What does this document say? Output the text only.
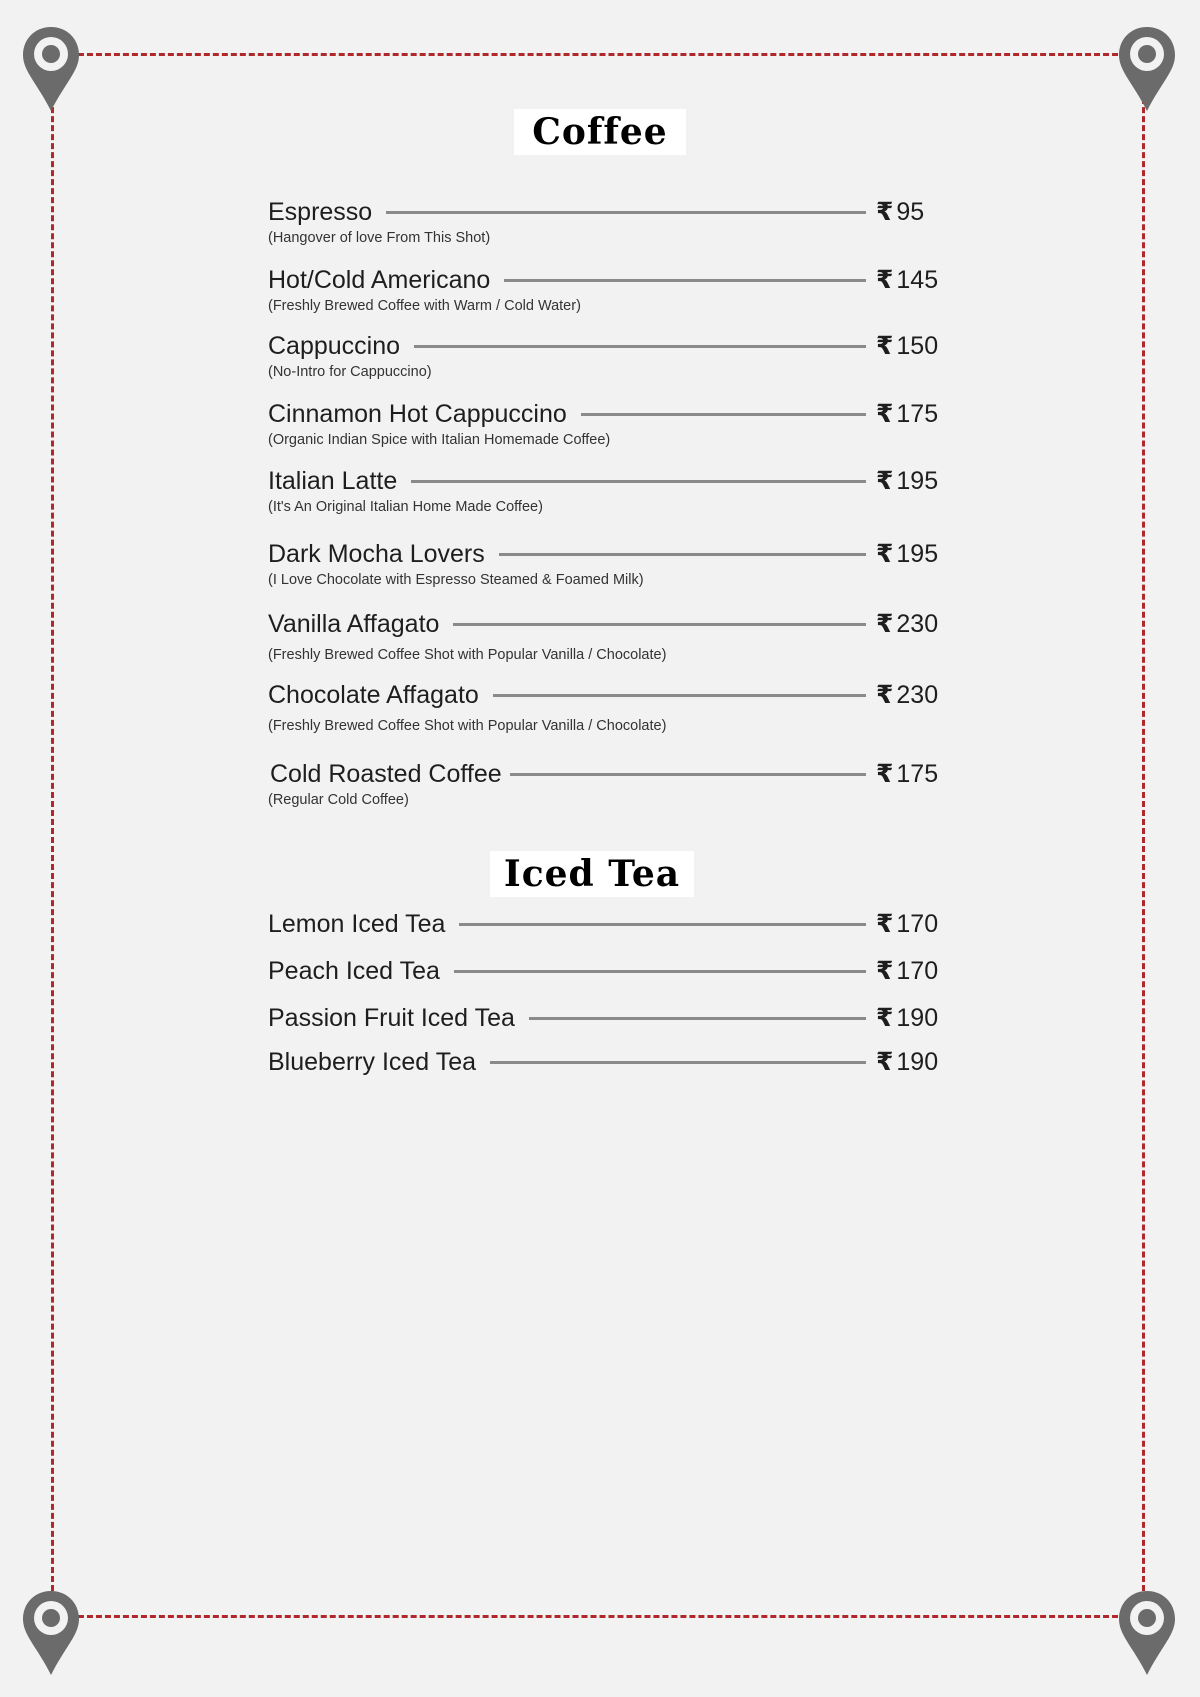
Coffee
Espresso	₹ 95
(Hangover of love From This Shot)
Hot/Cold Americano	₹ 145
(Freshly Brewed Coffee with Warm / Cold Water)
Cappuccino	₹ 150
(No-Intro for Cappuccino)
Cinnamon Hot Cappuccino	₹ 175
(Organic Indian Spice with Italian Homemade Coffee)
Italian Latte	₹ 195
(It's An Original Italian Home Made Coffee)
Dark Mocha Lovers	₹ 195
(I Love Chocolate with Espresso Steamed & Foamed Milk)
Vanilla Affagato	₹ 230
(Freshly Brewed Coffee Shot with Popular Vanilla / Chocolate)
Chocolate Affagato	₹ 230
(Freshly Brewed Coffee Shot with Popular Vanilla / Chocolate)
Cold Roasted Coffee	₹ 175
(Regular Cold Coffee)
Iced Tea
Lemon Iced Tea	₹ 170
Peach Iced Tea	₹ 170
Passion Fruit Iced Tea	₹ 190
Blueberry Iced Tea	₹ 190
